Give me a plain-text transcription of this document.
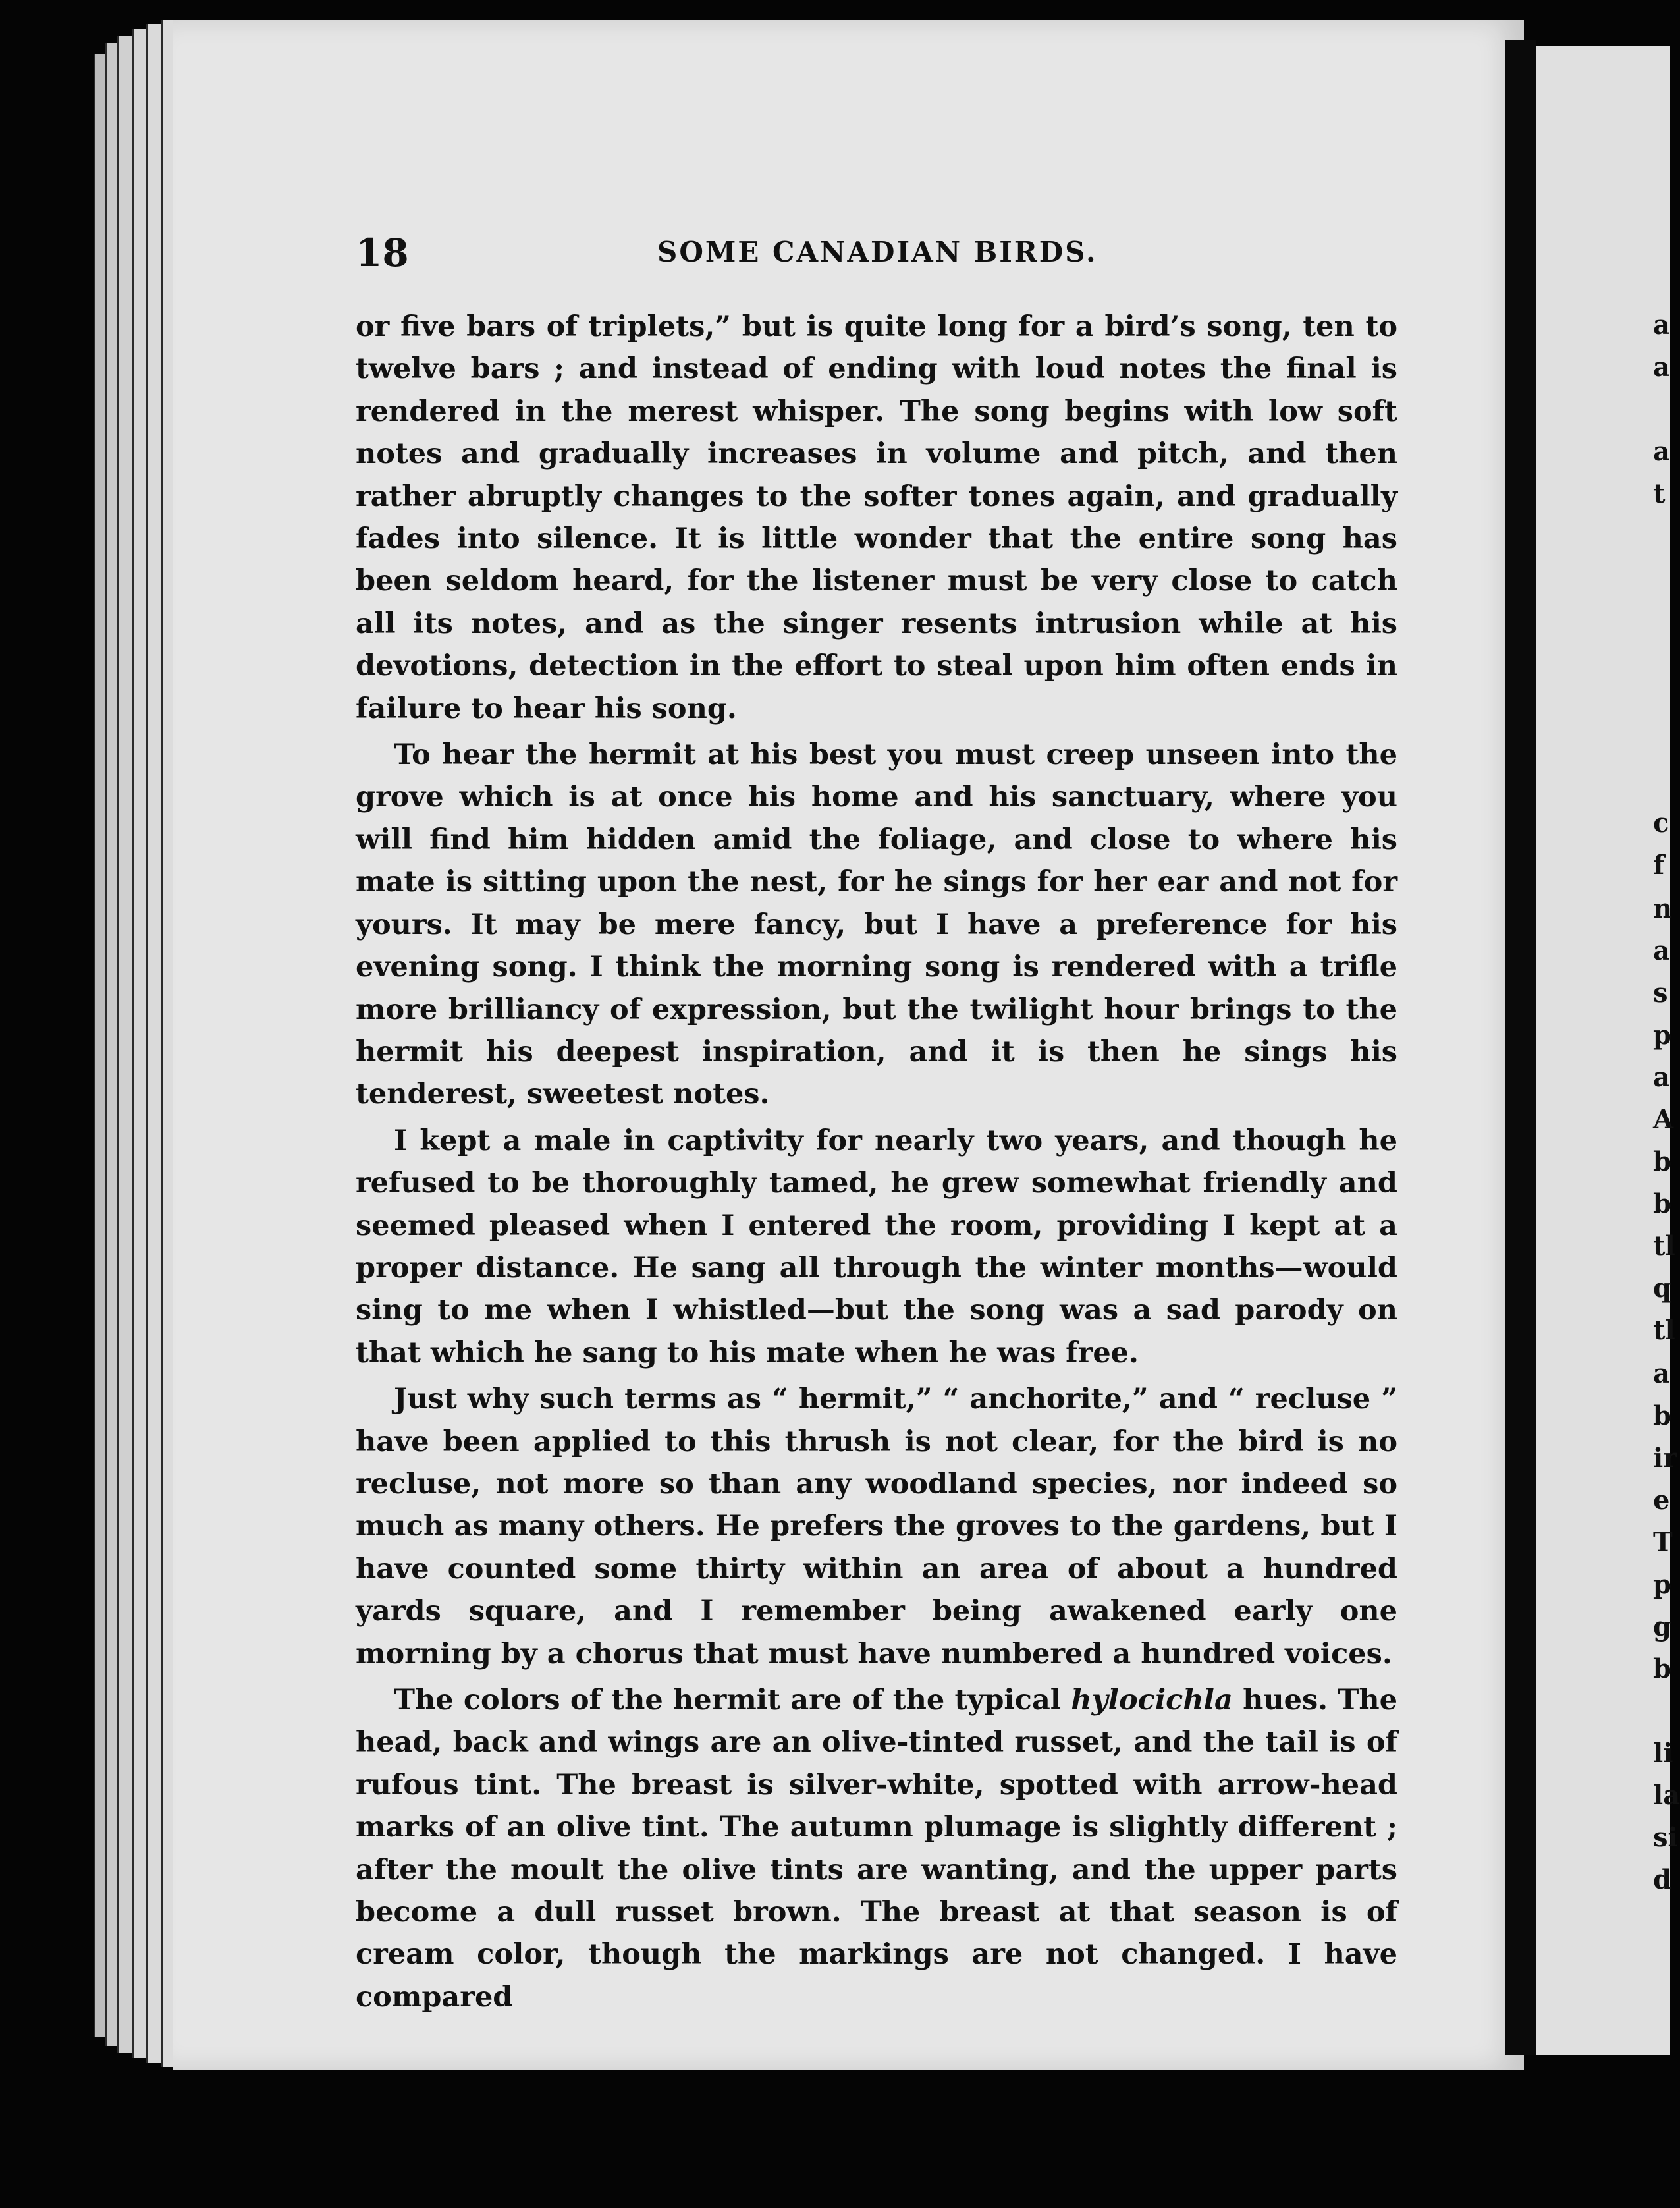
a
a
a
t
c
f
n
a
s
p
a
A
b
b
tl
q
tl
a
b
ir
e
T
p
g
b
li
la
si
d
18	SOME CANADIAN BIRDS.

or five bars of triplets,” but is quite long for a bird’s song, ten to twelve bars ; and instead of ending with loud notes the final is rendered in the merest whisper. The song begins with low soft notes and gradually increases in volume and pitch, and then rather abruptly changes to the softer tones again, and gradually fades into silence. It is little wonder that the entire song has been seldom heard, for the listener must be very close to catch all its notes, and as the singer resents intrusion while at his devotions, detection in the effort to steal upon him often ends in failure to hear his song.

To hear the hermit at his best you must creep unseen into the grove which is at once his home and his sanctuary, where you will find him hidden amid the foliage, and close to where his mate is sitting upon the nest, for he sings for her ear and not for yours. It may be mere fancy, but I have a preference for his evening song. I think the morning song is rendered with a trifle more brilliancy of expression, but the twilight hour brings to the hermit his deepest inspiration, and it is then he sings his tenderest, sweetest notes.

I kept a male in captivity for nearly two years, and though he refused to be thoroughly tamed, he grew somewhat friendly and seemed pleased when I entered the room, providing I kept at a proper distance. He sang all through the winter months—would sing to me when I whistled—but the song was a sad parody on that which he sang to his mate when he was free.

Just why such terms as “ hermit,” “ anchorite,” and “ recluse ” have been applied to this thrush is not clear, for the bird is no recluse, not more so than any woodland species, nor indeed so much as many others. He prefers the groves to the gardens, but I have counted some thirty within an area of about a hundred yards square, and I remember being awakened early one morning by a chorus that must have numbered a hundred voices.

The colors of the hermit are of the typical hylocichla hues. The head, back and wings are an olive-tinted russet, and the tail is of rufous tint. The breast is silver-white, spotted with arrow-head marks of an olive tint. The autumn plumage is slightly different ; after the moult the olive tints are wanting, and the upper parts become a dull russet brown. The breast at that season is of cream color, though the markings are not changed. I have compared
